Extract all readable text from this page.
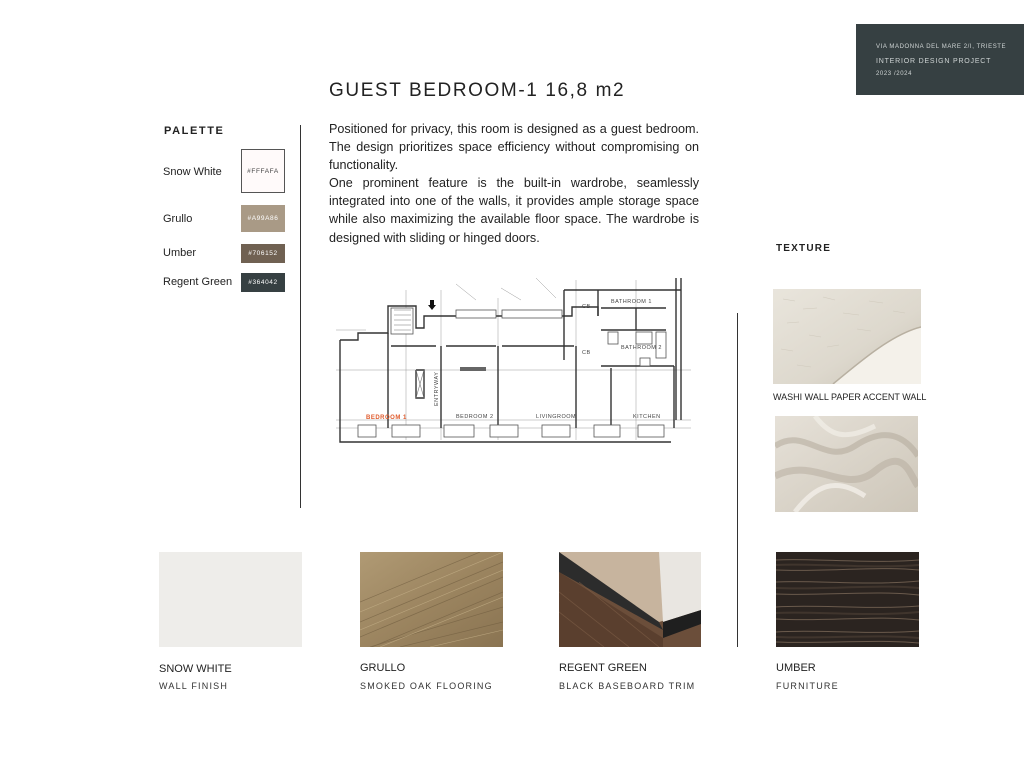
VIA MADONNA DEL MARE 2/I, TRIESTE
INTERIOR DESIGN PROJECT
2023 /2024
GUEST BEDROOM-1 16,8 m2

Positioned for privacy, this room is designed as a guest bedroom. The design prioritizes space efficiency without compromising on functionality.

One prominent feature is the built-in wardrobe, seamlessly integrated into one of the walls, it provides ample storage space while also maximizing the available floor space. The wardrobe is designed with sliding or hinged doors.

PALETTE
Snow White	#FFFAFA
Grullo	#A99A86
Umber	#706152
Regent Green #364042
BATHROOM 1
BATHROOM 2
CB
CB
BEDROOM 2	LIVINGROOM	KITCHEN
ENTRYWAY
BEDROOM 1
TEXTURE
WASHI WALL PAPER ACCENT WALL
SNOW WHITE
WALL FINISH
GRULLO
SMOKED OAK FLOORING
REGENT GREEN
BLACK BASEBOARD TRIM
UMBER
FURNITURE
